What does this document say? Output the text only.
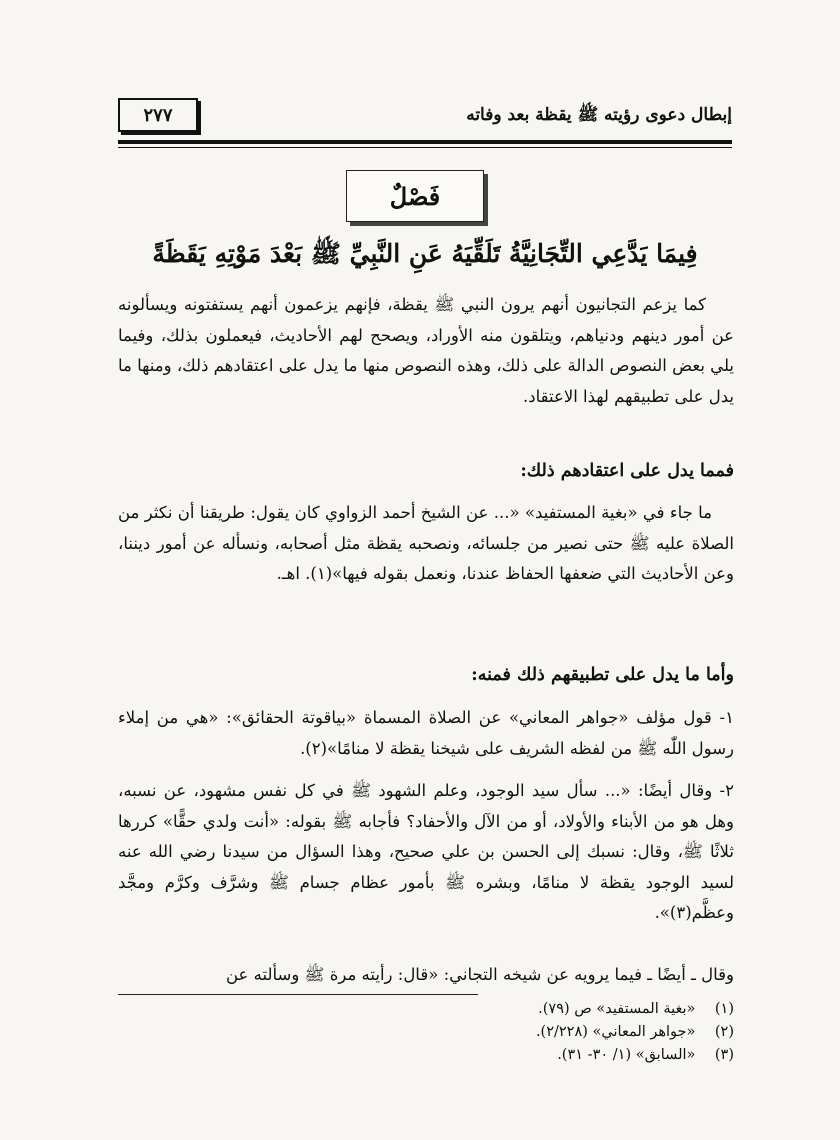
إبطال دعوى رؤيته ﷺ يقظة بعد وفاته
٢٧٧
فَصْلٌ
فِيمَا يَدَّعِي التِّجَانِيَّةُ تَلَقِّيَهُ عَنِ النَّبِيِّ ﷺ بَعْدَ مَوْتِهِ يَقَظَةً
كما يزعم التجانيون أنهم يرون النبي ﷺ يقظة، فإنهم يزعمون أنهم يستفتونه ويسألونه عن أمور دينهم ودنياهم، ويتلقون منه الأوراد، ويصحح لهم الأحاديث، فيعملون بذلك، وفيما يلي بعض النصوص الدالة على ذلك، وهذه النصوص منها ما يدل على اعتقادهم ذلك، ومنها ما يدل على تطبيقهم لهذا الاعتقاد.
فمما يدل على اعتقادهم ذلك:
ما جاء في «بغية المستفيد» «... عن الشيخ أحمد الزواوي كان يقول: طريقنا أن نكثر من الصلاة عليه ﷺ حتى نصير من جلسائه، ونصحبه يقظة مثل أصحابه، ونسأله عن أمور ديننا، وعن الأحاديث التي ضعفها الحفاظ عندنا، ونعمل بقوله فيها»(١). اهـ.
وأما ما يدل على تطبيقهم ذلك فمنه:
١- قول مؤلف «جواهر المعاني» عن الصلاة المسماة «بياقوتة الحقائق»: «هي من إملاء رسول اللّٰه ﷺ من لفظه الشريف على شيخنا يقظة لا منامًا»(٢).
٢- وقال أيضًا: «... سأل سيد الوجود، وعلم الشهود ﷺ في كل نفس مشهود، عن نسبه، وهل هو من الأبناء والأولاد، أو من الآل والأحفاد؟ فأجابه ﷺ بقوله: «أنت ولدي حقًّا» كررها ثلاثًا ﷺ، وقال: نسبك إلى الحسن بن علي صحيح، وهذا السؤال من سيدنا رضي الله عنه لسيد الوجود يقظة لا منامًا، وبشره ﷺ بأمور عظام جسام ﷺ وشرَّف وكرَّم ومجَّد وعظَّم(٣)».
وقال ـ أيضًا ـ فيما يرويه عن شيخه التجاني: «قال: رأيته مرة ﷺ وسألته عن
(١) «بغية المستفيد» ص (٧٩).
(٢) «جواهر المعاني» (٢/٢٢٨).
(٣) «السابق» (١/ ٣٠- ٣١).
